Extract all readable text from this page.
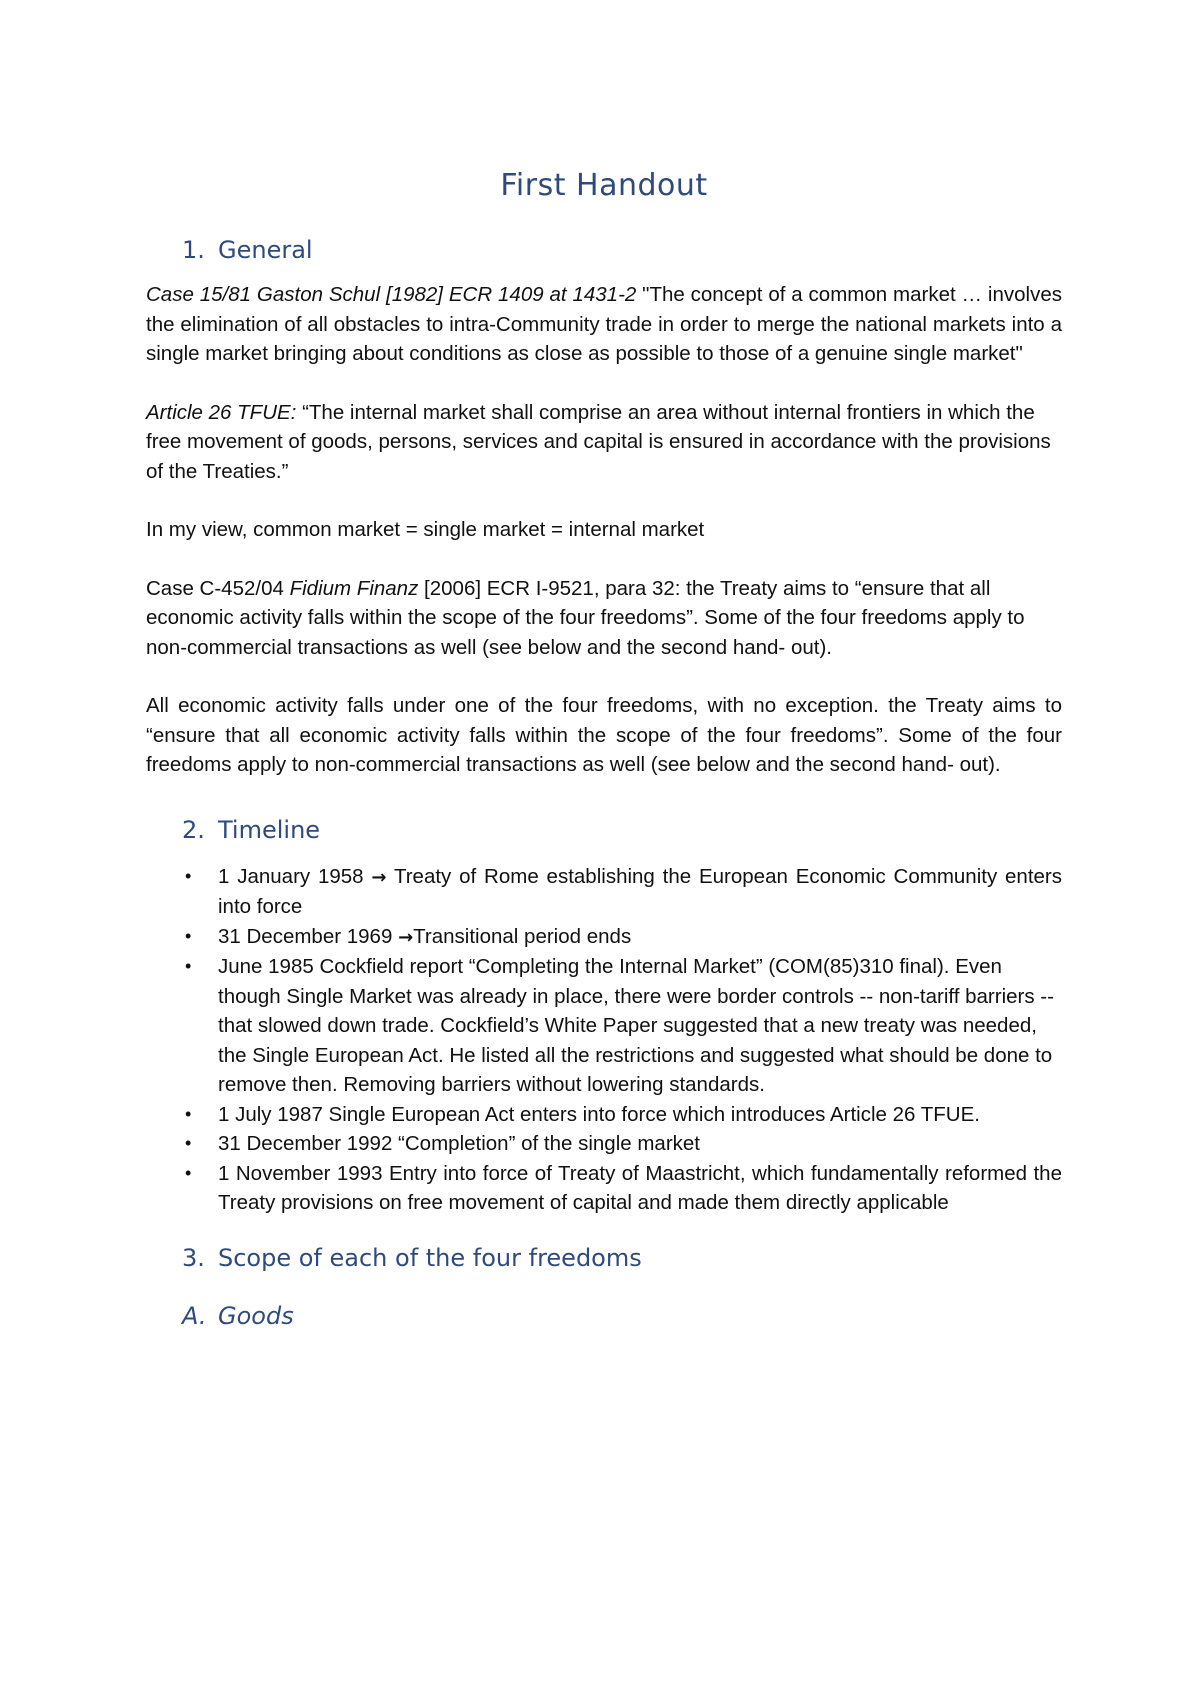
First Handout
1. General

Case 15/81 Gaston Schul [1982] ECR 1409 at 1431-2 "The concept of a common market … involves the elimination of all obstacles to intra-Community trade in order to merge the national markets into a single market bringing about conditions as close as possible to those of a genuine single market"

Article 26 TFUE: “The internal market shall comprise an area without internal frontiers in which the free movement of goods, persons, services and capital is ensured in accordance with the provisions of the Treaties.”

In my view, common market = single market = internal market

Case C-452/04 Fidium Finanz [2006] ECR I-9521, para 32: the Treaty aims to “ensure that all economic activity falls within the scope of the four freedoms”. Some of the four freedoms apply to non-commercial transactions as well (see below and the second hand- out).

All economic activity falls under one of the four freedoms, with no exception. the Treaty aims to “ensure that all economic activity falls within the scope of the four freedoms”. Some of the four freedoms apply to non-commercial transactions as well (see below and the second hand- out).

2. Timeline
• 1 January 1958 → Treaty of Rome establishing the European Economic Community enters into force
• 31 December 1969 →Transitional period ends
• June 1985 Cockfield report “Completing the Internal Market” (COM(85)310 final). Even though Single Market was already in place, there were border controls -- non-tariff barriers -- that slowed down trade. Cockfield’s White Paper suggested that a new treaty was needed, the Single European Act. He listed all the restrictions and suggested what should be done to remove then. Removing barriers without lowering standards.
• 1 July 1987 Single European Act enters into force which introduces Article 26 TFUE.
• 31 December 1992 “Completion” of the single market
• 1 November 1993 Entry into force of Treaty of Maastricht, which fundamentally reformed the Treaty provisions on free movement of capital and made them directly applicable
3. Scope of each of the four freedoms
A. Goods
